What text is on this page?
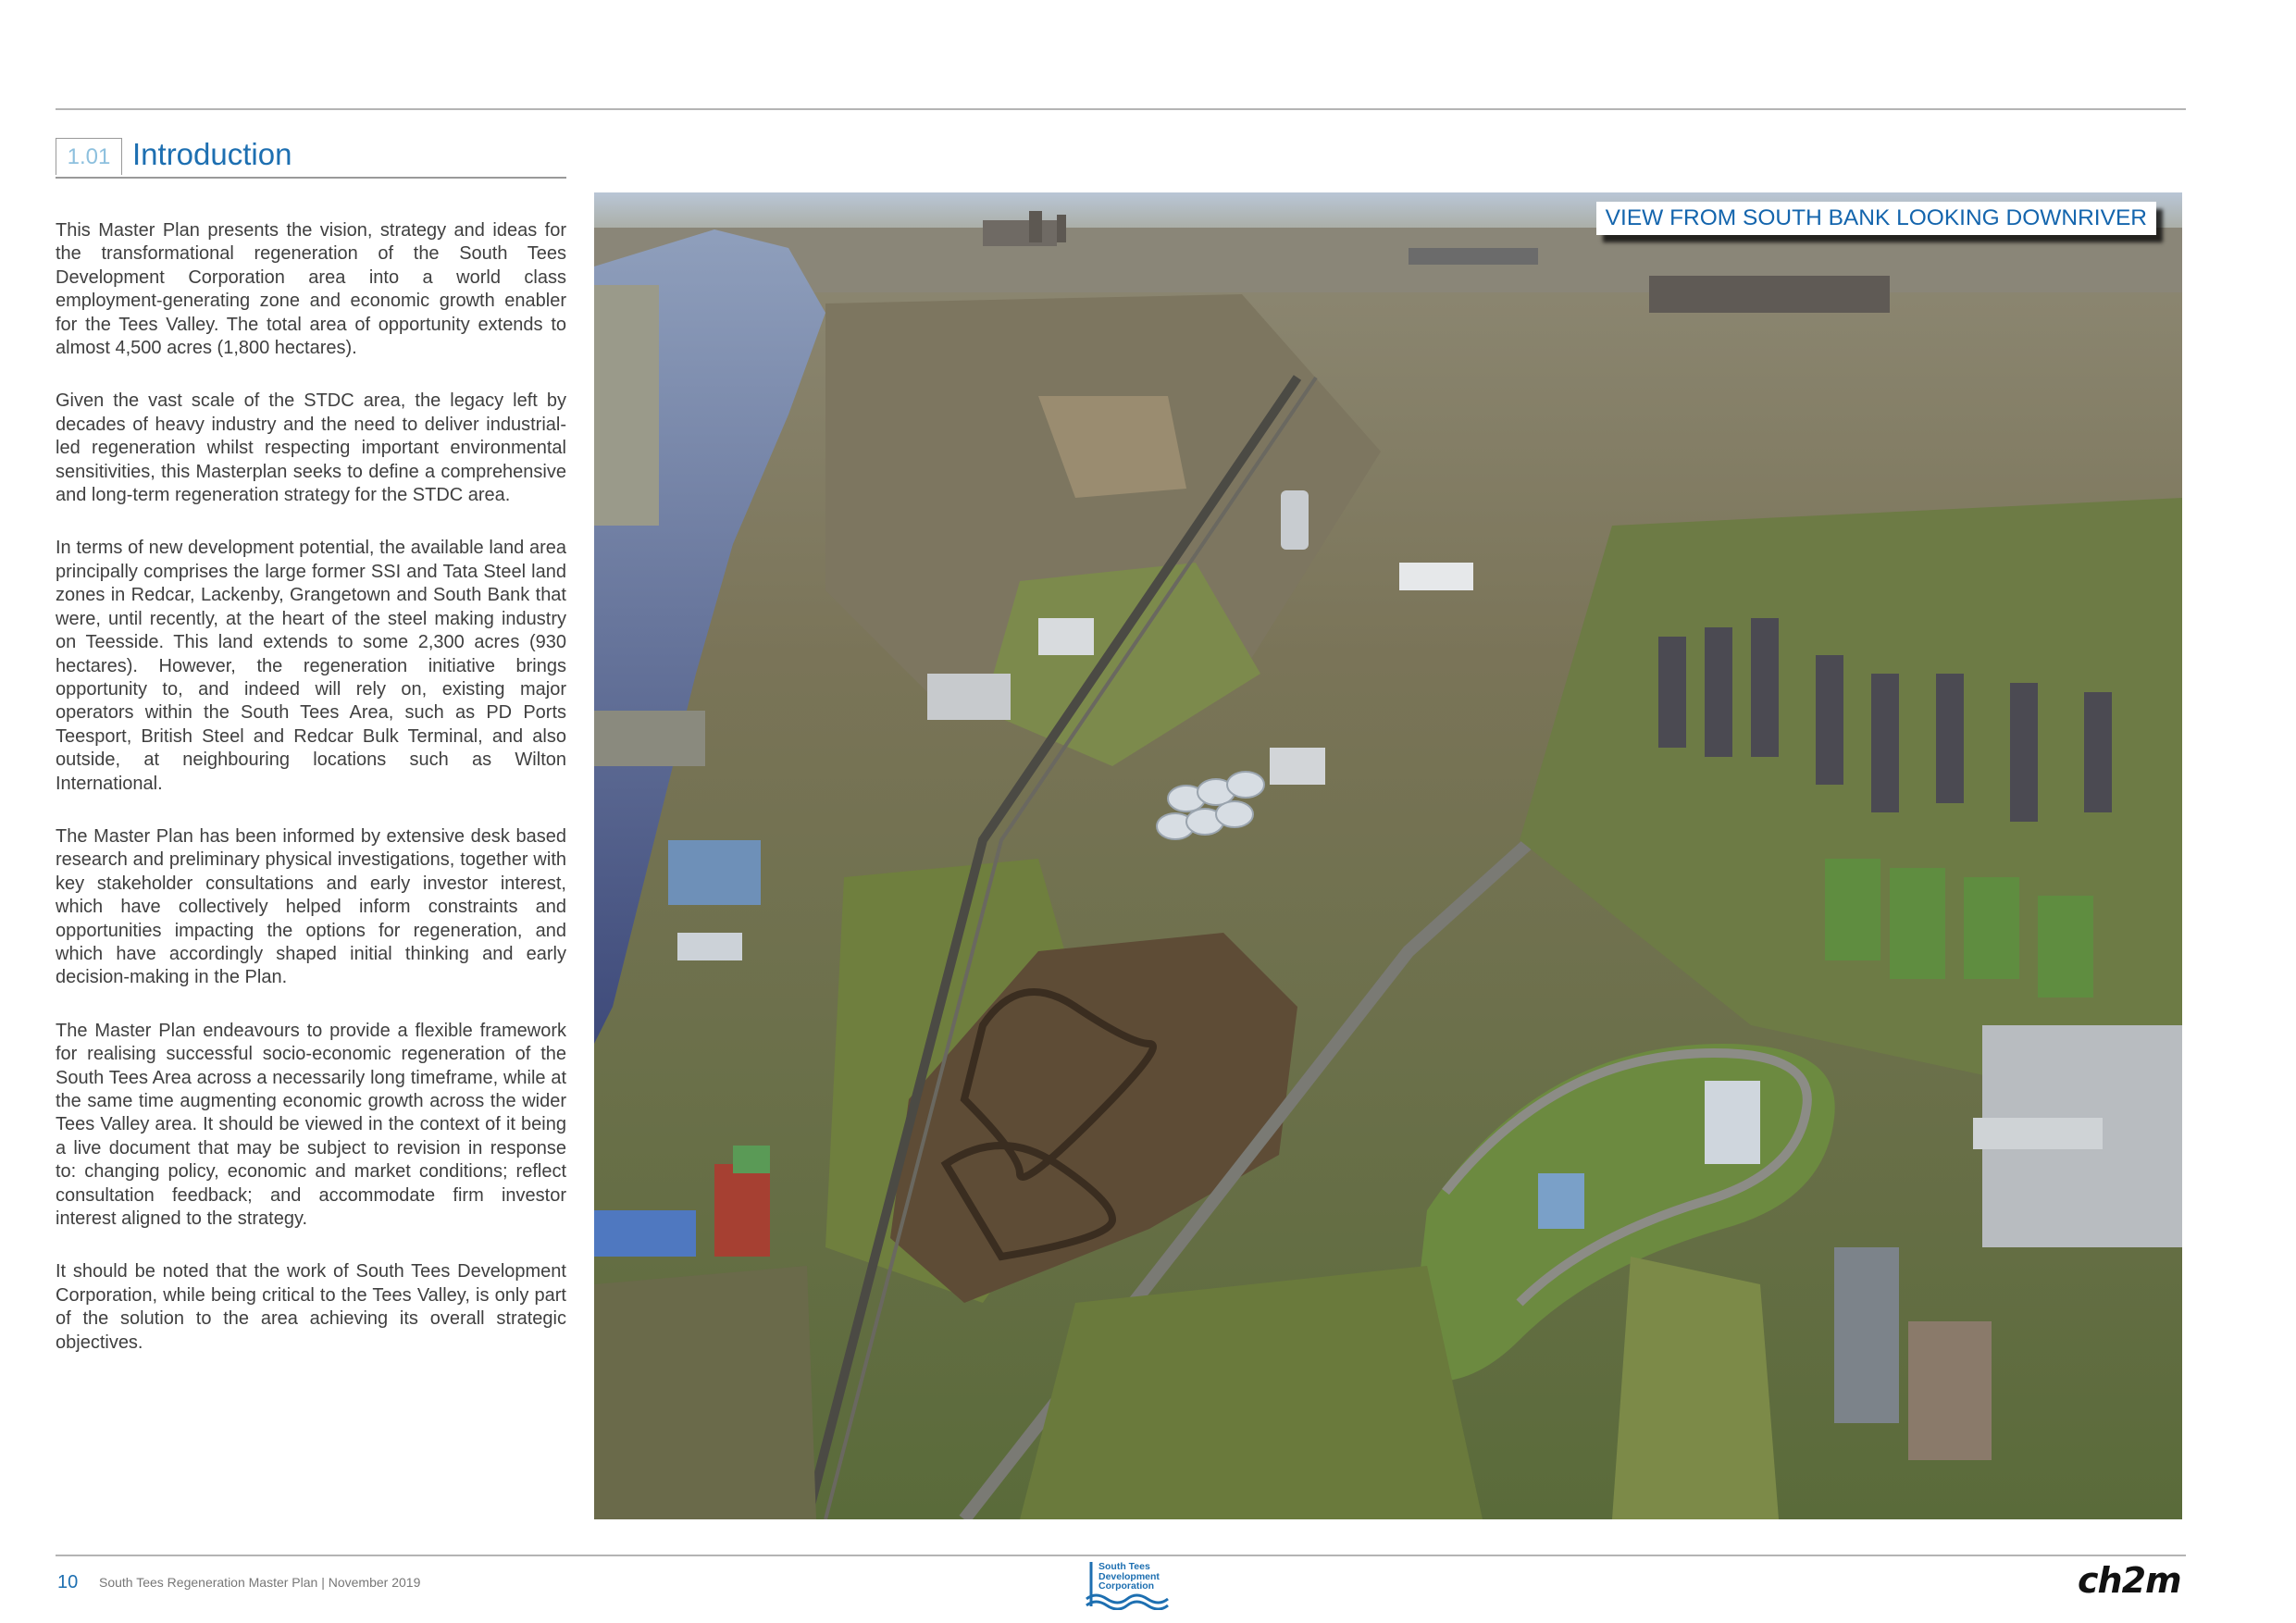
1.01 Introduction

This Master Plan presents the vision, strategy and ideas for the transformational regeneration of the South Tees Development Corporation area into a world class employment-generating zone and economic growth enabler for the Tees Valley. The total area of opportunity extends to almost 4,500 acres (1,800 hectares).

Given the vast scale of the STDC area, the legacy left by decades of heavy industry and the need to deliver industrial-led regeneration whilst respecting important environmental sensitivities, this Masterplan seeks to define a comprehensive and long-term regeneration strategy for the STDC area.

In terms of new development potential, the available land area principally comprises the large former SSI and Tata Steel land zones in Redcar, Lackenby, Grangetown and South Bank that were, until recently, at the heart of the steel making industry on Teesside. This land extends to some 2,300 acres (930 hectares). However, the regeneration initiative brings opportunity to, and indeed will rely on, existing major operators within the South Tees Area, such as PD Ports Teesport, British Steel and Redcar Bulk Terminal, and also outside, at neighbouring locations such as Wilton International.

The Master Plan has been informed by extensive desk based research and preliminary physical investigations, together with key stakeholder consultations and early investor interest, which have collectively helped inform constraints and opportunities impacting the options for regeneration, and which have accordingly shaped initial thinking and early decision-making in the Plan.

The Master Plan endeavours to provide a flexible framework for realising successful socio-economic regeneration of the South Tees Area across a necessarily long timeframe, while at the same time augmenting economic growth across the wider Tees Valley area. It should be viewed in the context of it being a live document that may be subject to revision in response to: changing policy, economic and market conditions; reflect consultation feedback; and accommodate firm investor interest aligned to the strategy.

It should be noted that the work of South Tees Development Corporation, while being critical to the Tees Valley, is only part of the solution to the area achieving its overall strategic objectives.

VIEW FROM SOUTH BANK LOOKING DOWNRIVER
10 South Tees Regeneration Master Plan | November 2019
South Tees
Development
Corporation	ch2m
